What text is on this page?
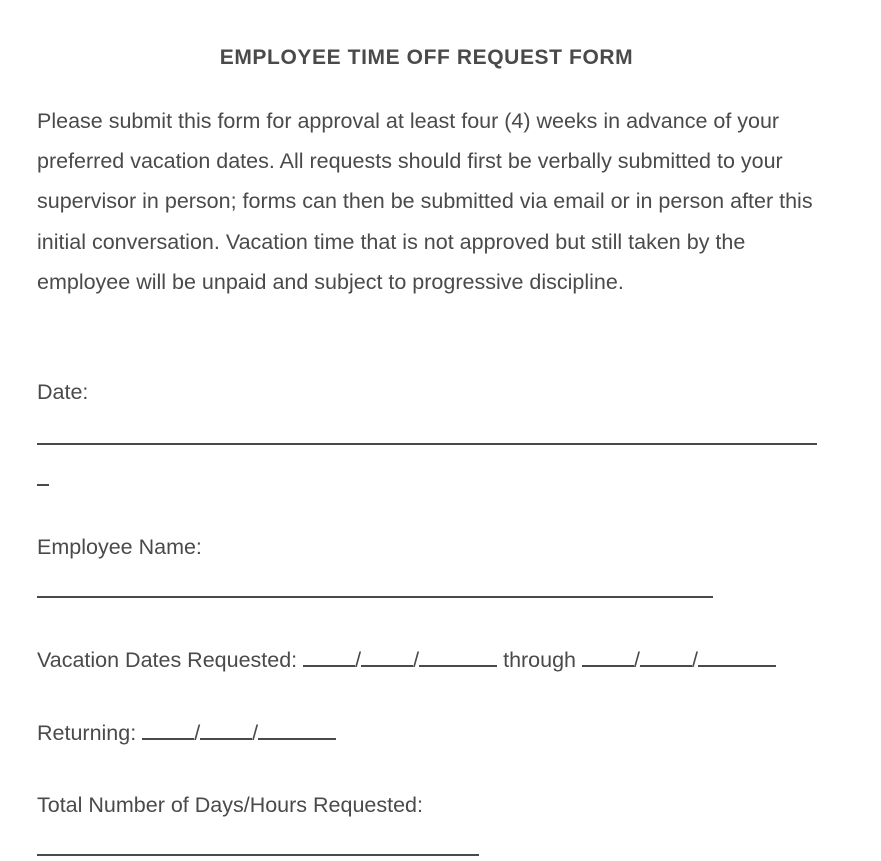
EMPLOYEE TIME OFF REQUEST FORM

Please submit this form for approval at least four (4) weeks in advance of your preferred vacation dates. All requests should first be verbally submitted to your supervisor in person; forms can then be submitted via email or in person after this initial conversation. Vacation time that is not approved but still taken by the employee will be unpaid and subject to progressive discipline.

Date:
Employee Name:
Vacation Dates Requested:	/ /	through	/ /
Returning:	/ /
Total Number of Days/Hours Requested:
